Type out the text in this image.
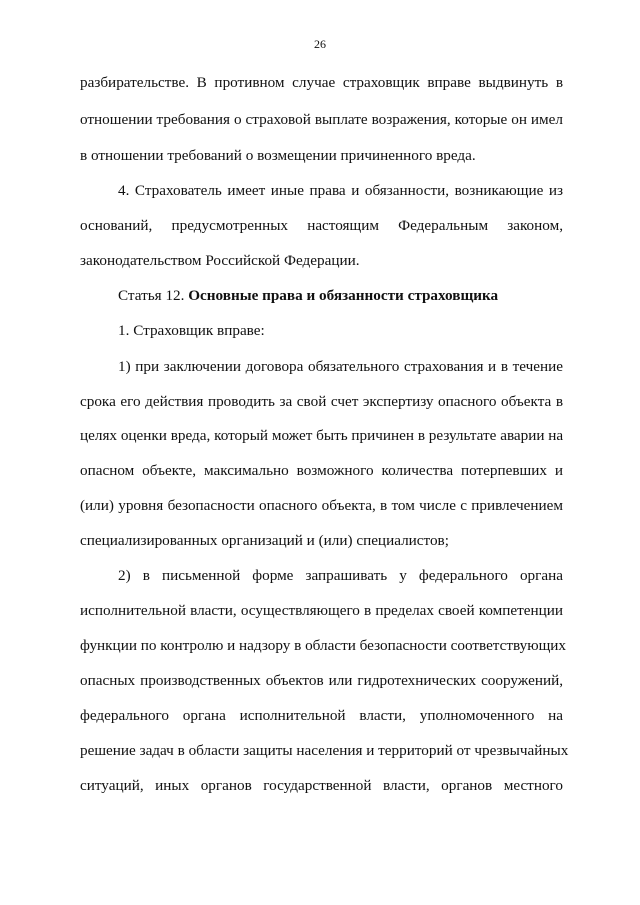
26
разбирательстве. В противном случае страховщик вправе выдвинуть в
отношении требования о страховой выплате возражения, которые он имел
в отношении требований о возмещении причиненного вреда.
4. Страхователь имеет иные права и обязанности, возникающие из
оснований, предусмотренных настоящим Федеральным законом,
законодательством Российской Федерации.
Статья 12. Основные права и обязанности страховщика
1. Страховщик вправе:
1) при заключении договора обязательного страхования и в течение
срока его действия проводить за свой счет экспертизу опасного объекта в
целях оценки вреда, который может быть причинен в результате аварии на
опасном объекте, максимально возможного количества потерпевших и
(или) уровня безопасности опасного объекта, в том числе с привлечением
специализированных организаций и (или) специалистов;
2) в письменной форме запрашивать у федерального органа
исполнительной власти, осуществляющего в пределах своей компетенции
функции по контролю и надзору в области безопасности соответствующих
опасных производственных объектов или гидротехнических сооружений,
федерального органа исполнительной власти, уполномоченного на
решение задач в области защиты населения и территорий от чрезвычайных
ситуаций, иных органов государственной власти, органов местного
